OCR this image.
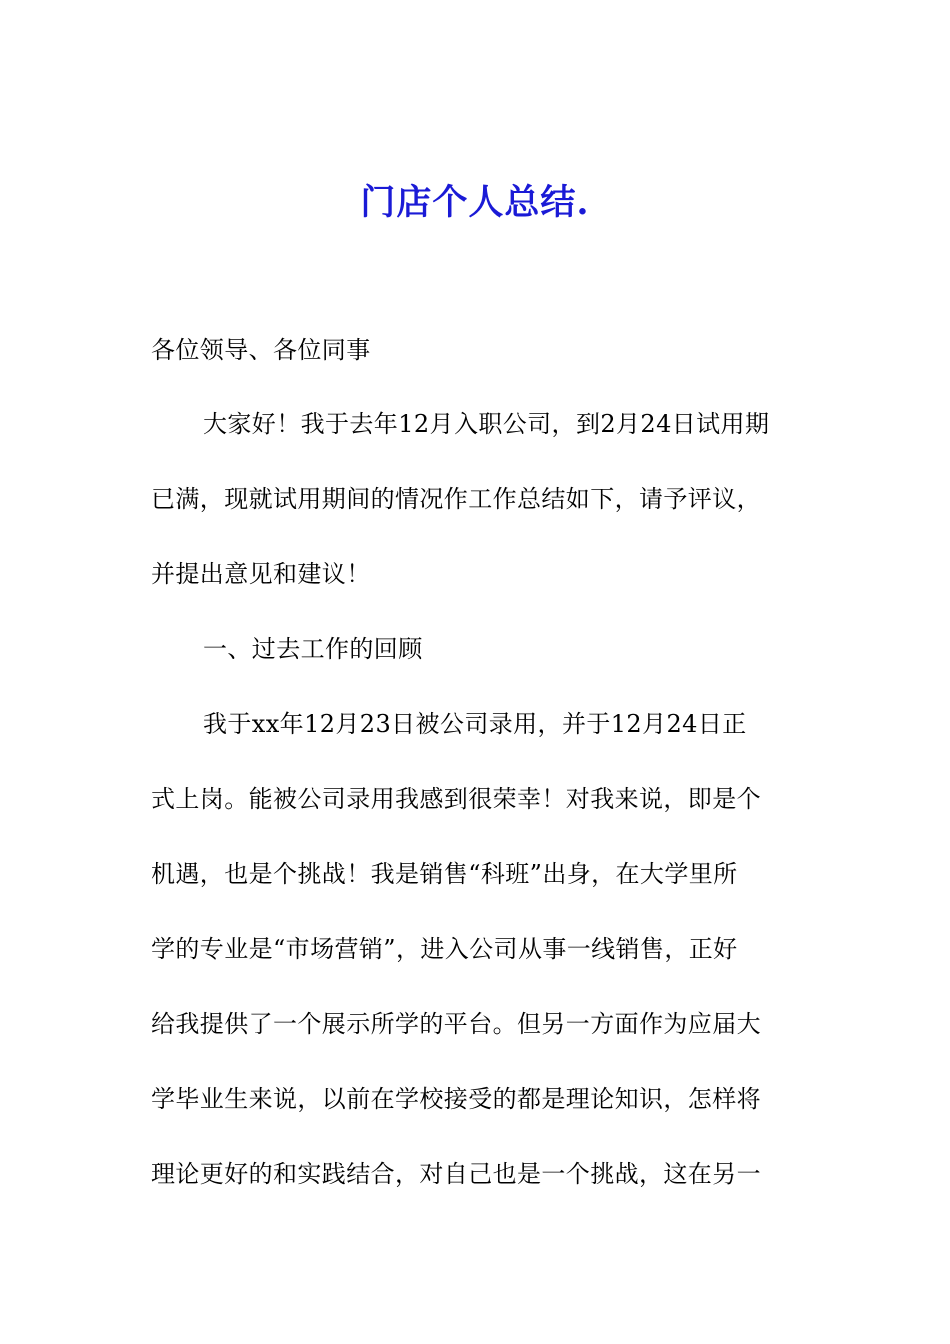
门店个人总结.
各位领导、各位同事
大家好！我于去年12月入职公司，到2月24日试用期
已满，现就试用期间的情况作工作总结如下，请予评议，
并提出意见和建议！
一、过去工作的回顾
我于xx年12月23日被公司录用，并于12月24日正
式上岗。能被公司录用我感到很荣幸！对我来说，即是个
机遇，也是个挑战！我是销售“科班”出身，在大学里所
学的专业是“市场营销”，进入公司从事一线销售，正好
给我提供了一个展示所学的平台。但另一方面作为应届大
学毕业生来说，以前在学校接受的都是理论知识，怎样将
理论更好的和实践结合，对自己也是一个挑战，这在另一
